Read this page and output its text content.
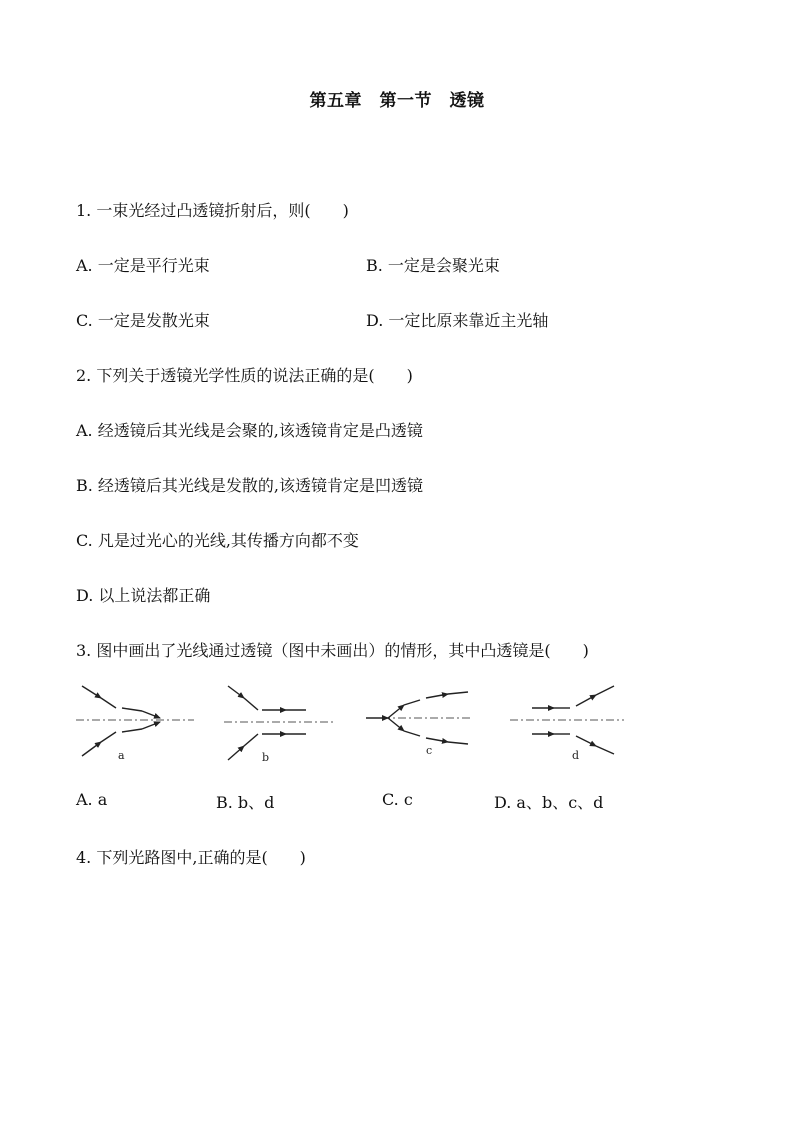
第五章　第一节　透镜
1. 一束光经过凸透镜折射后，则(　　)
A. 一定是平行光束	B. 一定是会聚光束
C. 一定是发散光束	D. 一定比原来靠近主光轴
2. 下列关于透镜光学性质的说法正确的是(　　)
A. 经透镜后其光线是会聚的,该透镜肯定是凸透镜
B. 经透镜后其光线是发散的,该透镜肯定是凹透镜
C. 凡是过光心的光线,其传播方向都不变
D. 以上说法都正确
3. 图中画出了光线通过透镜（图中未画出）的情形，其中凸透镜是(　　)
a	b
c	d
A. a	B. b、d	C. c	D. a、b、c、d
4. 下列光路图中,正确的是(　　)
